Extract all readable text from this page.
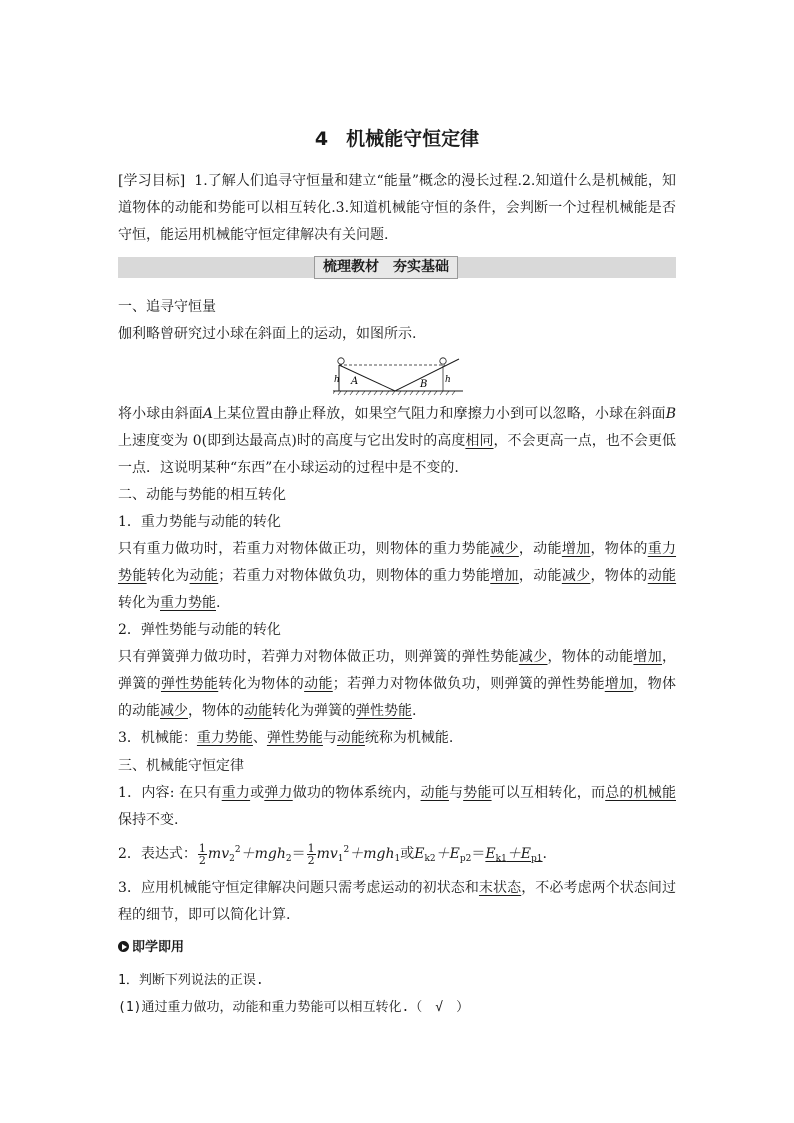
4 机械能守恒定律

[学习目标] 1.了解人们追寻守恒量和建立“能量”概念的漫长过程.2.知道什么是机械能，知道物体的动能和势能可以相互转化.3.知道机械能守恒的条件，会判断一个过程机械能是否守恒，能运用机械能守恒定律解决有关问题.

梳理教材 夯实基础

一、追寻守恒量

伽利略曾研究过小球在斜面上的运动，如图所示.

h	h
A	B

将小球由斜面A上某位置由静止释放，如果空气阻力和摩擦力小到可以忽略，小球在斜面B上速度变为 0(即到达最高点)时的高度与它出发时的高度相同，不会更高一点，也不会更低一点．这说明某种“东西”在小球运动的过程中是不变的.

二、动能与势能的相互转化

1．重力势能与动能的转化

只有重力做功时，若重力对物体做正功，则物体的重力势能减少，动能增加，物体的重力势能转化为动能；若重力对物体做负功，则物体的重力势能增加，动能减少，物体的动能转化为重力势能.

2．弹性势能与动能的转化

只有弹簧弹力做功时，若弹力对物体做正功，则弹簧的弹性势能减少，物体的动能增加，弹簧的弹性势能转化为物体的动能；若弹力对物体做负功，则弹簧的弹性势能增加，物体的动能减少，物体的动能转化为弹簧的弹性势能.

3．机械能：重力势能、弹性势能与动能统称为机械能.

三、机械能守恒定律

1．内容: 在只有重力或弹力做功的物体系统内，动能与势能可以互相转化，而总的机械能保持不变.

2．表达式： $\frac{1}{2} mv_2^2+mgh_2= \frac{1}{2} mv_1^2+mgh_1$或$E_{k2}+E_{p2}=E_{k1}+E_{p1}$.

3．应用机械能守恒定律解决问题只需考虑运动的初状态和末状态，不必考虑两个状态间过程的细节，即可以简化计算.

即学即用

1．判断下列说法的正误.

(1)通过重力做功，动能和重力势能可以相互转化.（　√　）
